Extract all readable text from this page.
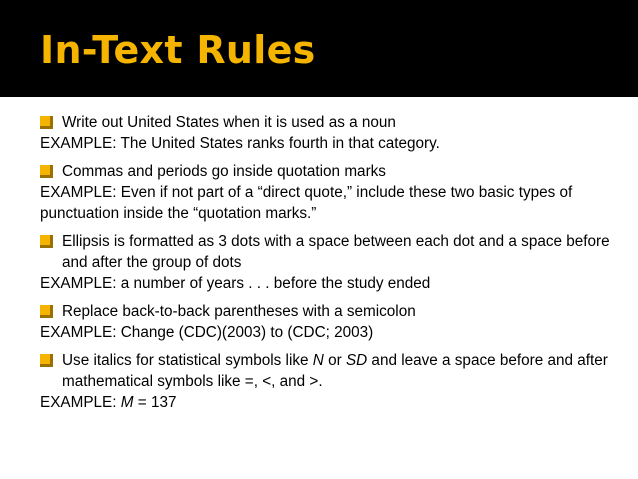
In-Text Rules
Write out United States when it is used as a noun
EXAMPLE: The United States ranks fourth in that category.
Commas and periods go inside quotation marks
EXAMPLE: Even if not part of a “direct quote,” include these two basic types of punctuation inside the “quotation marks.”
Ellipsis is formatted as 3 dots with a space between each dot and a space before and after the group of dots
EXAMPLE: a number of years . . . before the study ended
Replace back-to-back parentheses with a semicolon
EXAMPLE: Change (CDC)(2003) to (CDC; 2003)
Use italics for statistical symbols like N or SD and leave a space before and after mathematical symbols like =, <, and >.
EXAMPLE: M = 137
